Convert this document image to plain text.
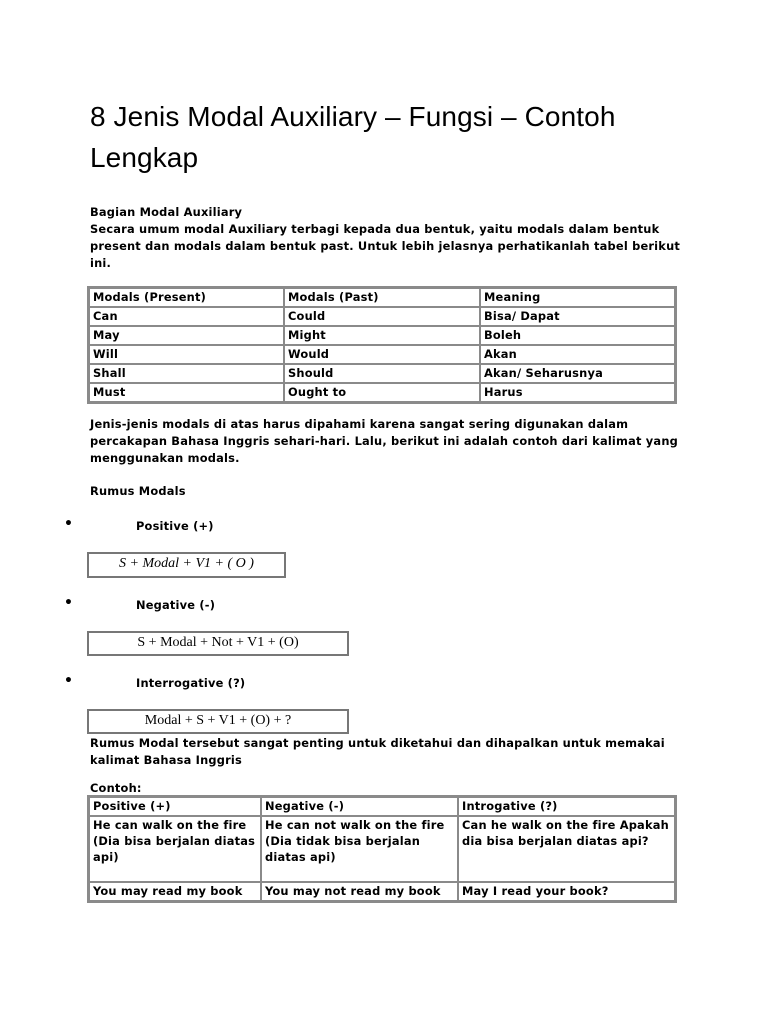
8 Jenis Modal Auxiliary – Fungsi – Contoh Lengkap
Bagian Modal Auxiliary
Secara umum modal Auxiliary terbagi kepada dua bentuk, yaitu modals dalam bentuk present dan modals dalam bentuk past. Untuk lebih jelasnya perhatikanlah tabel berikut ini.
Modals (Present)	Modals (Past)	Meaning
Can	Could	Bisa/ Dapat
May	Might	Boleh
Will	Would	Akan
Shall	Should	Akan/ Seharusnya
Must	Ought to	Harus
Jenis-jenis modals di atas harus dipahami karena sangat sering digunakan dalam percakapan Bahasa Inggris sehari-hari. Lalu, berikut ini adalah contoh dari kalimat yang menggunakan modals.
Rumus Modals
•	Positive (+)
S + Modal + V1 + ( O )
•	Negative (-)
S + Modal + Not + V1 + (O)
•	Interrogative (?)
Modal + S + V1 + (O) + ?
Rumus Modal tersebut sangat penting untuk diketahui dan dihapalkan untuk memakai kalimat Bahasa Inggris
Contoh:
Positive (+)	Negative (-)	Introgative (?)
He can walk on the fire (Dia bisa berjalan diatas api)	He can not walk on the fire (Dia tidak bisa berjalan diatas api)	Can he walk on the fire Apakah dia bisa berjalan diatas api?
You may read my book	You may not read my book	May I read your book?
